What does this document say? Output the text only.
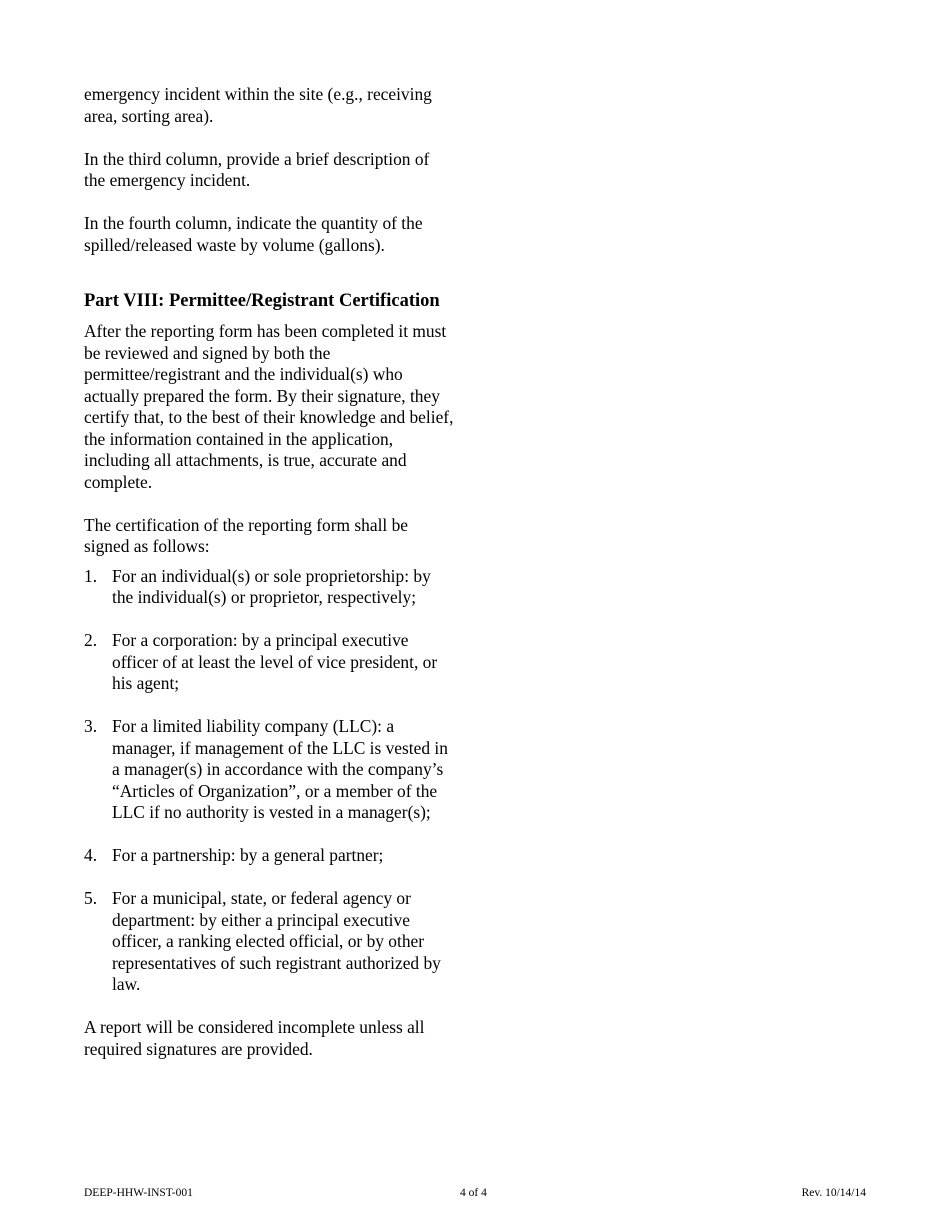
emergency incident within the site (e.g., receiving area, sorting area).

In the third column, provide a brief description of the emergency incident.

In the fourth column, indicate the quantity of the spilled/released waste by volume (gallons).

Part VIII: Permittee/Registrant Certification

After the reporting form has been completed it must be reviewed and signed by both the permittee/registrant and the individual(s) who actually prepared the form. By their signature, they certify that, to the best of their knowledge and belief, the information contained in the application, including all attachments, is true, accurate and complete.

The certification of the reporting form shall be signed as follows:

1. For an individual(s) or sole proprietorship: by the individual(s) or proprietor, respectively;
2. For a corporation: by a principal executive officer of at least the level of vice president, or his agent;
3. For a limited liability company (LLC): a manager, if management of the LLC is vested in a manager(s) in accordance with the company’s “Articles of Organization”, or a member of the LLC if no authority is vested in a manager(s);
4. For a partnership: by a general partner;
5. For a municipal, state, or federal agency or department: by either a principal executive officer, a ranking elected official, or by other representatives of such registrant authorized by law.

A report will be considered incomplete unless all required signatures are provided.

DEEP-HHW-INST-001	4 of 4	Rev. 10/14/14
